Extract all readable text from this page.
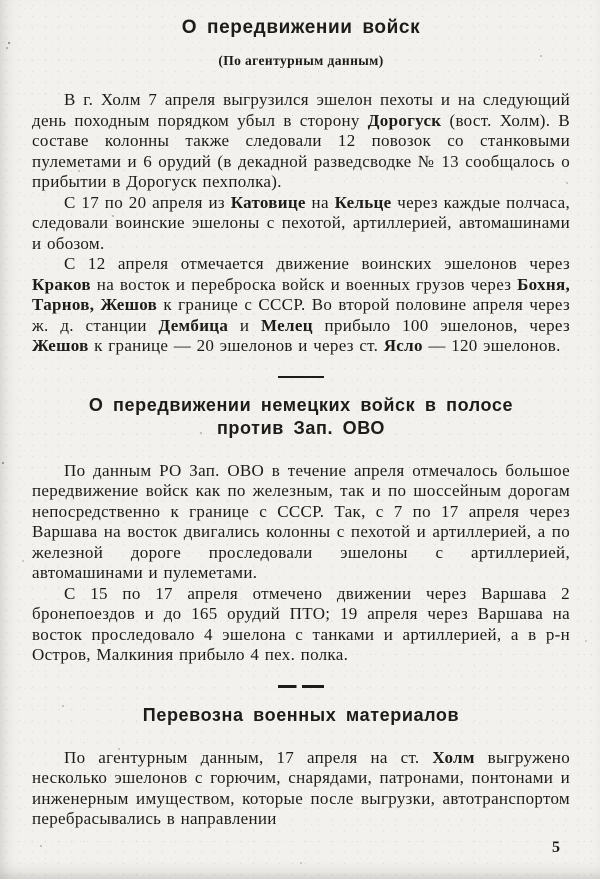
О передвижении войск

(По агентурным данным)

В г. Холм 7 апреля выгрузился эшелон пехоты и на следующий день походным порядком убыл в сторону Дорогуск (вост. Холм). В составе колонны также следовали 12 повозок со станковыми пулеметами и 6 орудий (в декадной разведсводке № 13 сообщалось о прибытии в Дорогуск пехполка).

С 17 по 20 апреля из Катовице на Кельце через каждые полчаса, следовали воинские эшелоны с пехотой, артиллерией, автомашинами и обозом.

С 12 апреля отмечается движение воинских эшелонов через Краков на восток и переброска войск и военных грузов через Бохня, Тарнов, Жешов к границе с СССР. Во второй половине апреля через ж. д. станции Дембица и Мелец прибыло 100 эшелонов, через Жешов к границе — 20 эшелонов и через ст. Ясло — 120 эшелонов.

О передвижении немецких войск в полосе против Зап. ОВО

По данным РО Зап. ОВО в течение апреля отмечалось большое передвижение войск как по железным, так и по шоссейным дорогам непосредственно к границе с СССР. Так, с 7 по 17 апреля через Варшава на восток двигались колонны с пехотой и артиллерией, а по железной дороге проследовали эшелоны с артиллерией, автомашинами и пулеметами.

С 15 по 17 апреля отмечено движении через Варшава 2 бронепоездов и до 165 орудий ПТО; 19 апреля через Варшава на восток проследовало 4 эшелона с танками и артиллерией, а в р-н Остров, Малкиния прибыло 4 пех. полка.

Перевозна военных материалов

По агентурным данным, 17 апреля на ст. Холм выгружено несколько эшелонов с горючим, снарядами, патронами, понтонами и инженерным имуществом, которые после выгрузки, автотранспортом перебрасывались в направлении

5
